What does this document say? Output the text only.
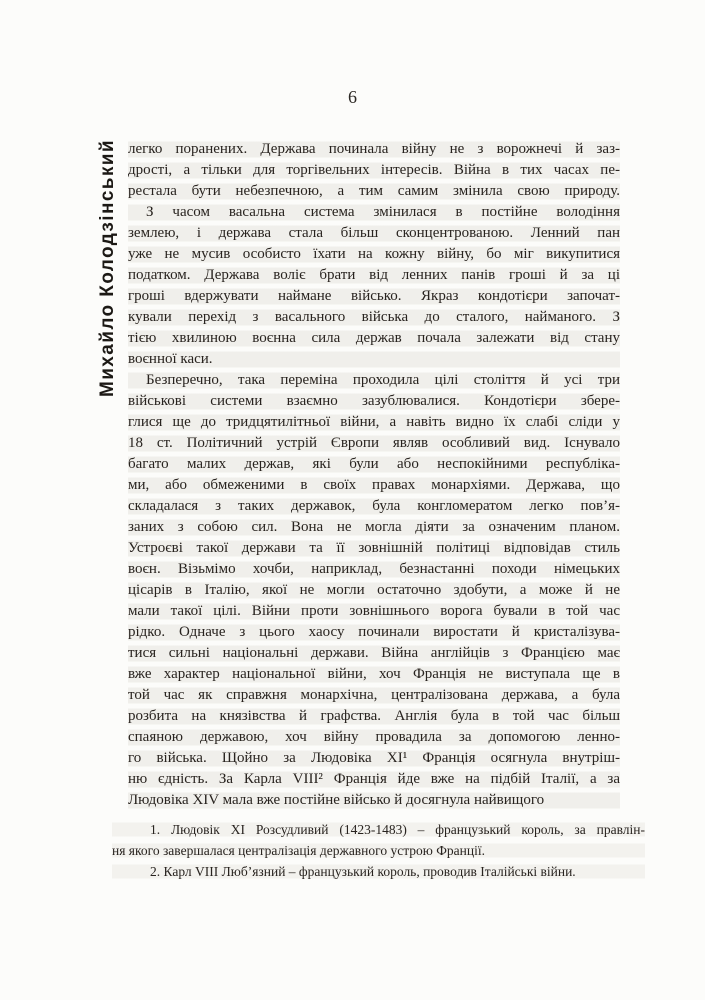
6
Михайло Колодзінський легко поранених. Держава починала війну не з ворожнечі й заз-
дрості, а тільки для торгівельних інтересів. Війна в тих часах пе-
рестала бути небезпечною, а тим самим змінила свою природу.
З часом васальна система змінилася в постійне володіння
землею, і держава стала більш сконцентрованою. Ленний пан
уже не мусив особисто їхати на кожну війну, бо міг викупитися
податком. Держава воліє брати від ленних панів гроші й за ці
гроші вдержувати наймане військо. Якраз кондотієри започат-
кували перехід з васального війська до сталого, найманого. З
тією хвилиною воєнна сила держав почала залежати від стану
воєнної каси.
Безперечно, така переміна проходила цілі століття й усі три
військові системи взаємно зазублювалися. Кондотієри збере-
глися ще до тридцятилітньої війни, а навіть видно їх слабі сліди у
18 ст. Політичний устрій Європи являв особливий вид. Існувало
багато малих держав, які були або неспокійними республіка-
ми, або обмеженими в своїх правах монархіями. Держава, що
складалася з таких державок, була конгломератом легко пов’я-
заних з собою сил. Вона не могла діяти за означеним планом.
Устроєві такої держави та її зовнішній політиці відповідав стиль
воєн. Візьмімо хочби, наприклад, безнастанні походи німецьких
цісарів в Італію, якої не могли остаточно здобути, а може й не
мали такої цілі. Війни проти зовнішнього ворога бували в той час
рідко. Одначе з цього хаосу починали виростати й кристалізува-
тися сильні національні держави. Війна англійців з Францією має
вже характер національної війни, хоч Франція не виступала ще в
той час як справжня монархічна, централізована держава, а була
розбита на князівства й графства. Англія була в той час більш
спаяною державою, хоч війну провадила за допомогою ленно-
го війська. Щойно за Людовіка XI¹ Франція осягнула внутріш-
ню єдність. За Карла VIII² Франція йде вже на підбій Італії, а за
Людовіка XIV мала вже постійне військо й досягнула найвищого
1. Людовік XI Розсудливий (1423-1483) – французький король, за правлін-
ня якого завершалася централізація державного устрою Франції.
2. Карл VIII Люб’язний – французький король, проводив Італійські війни.
